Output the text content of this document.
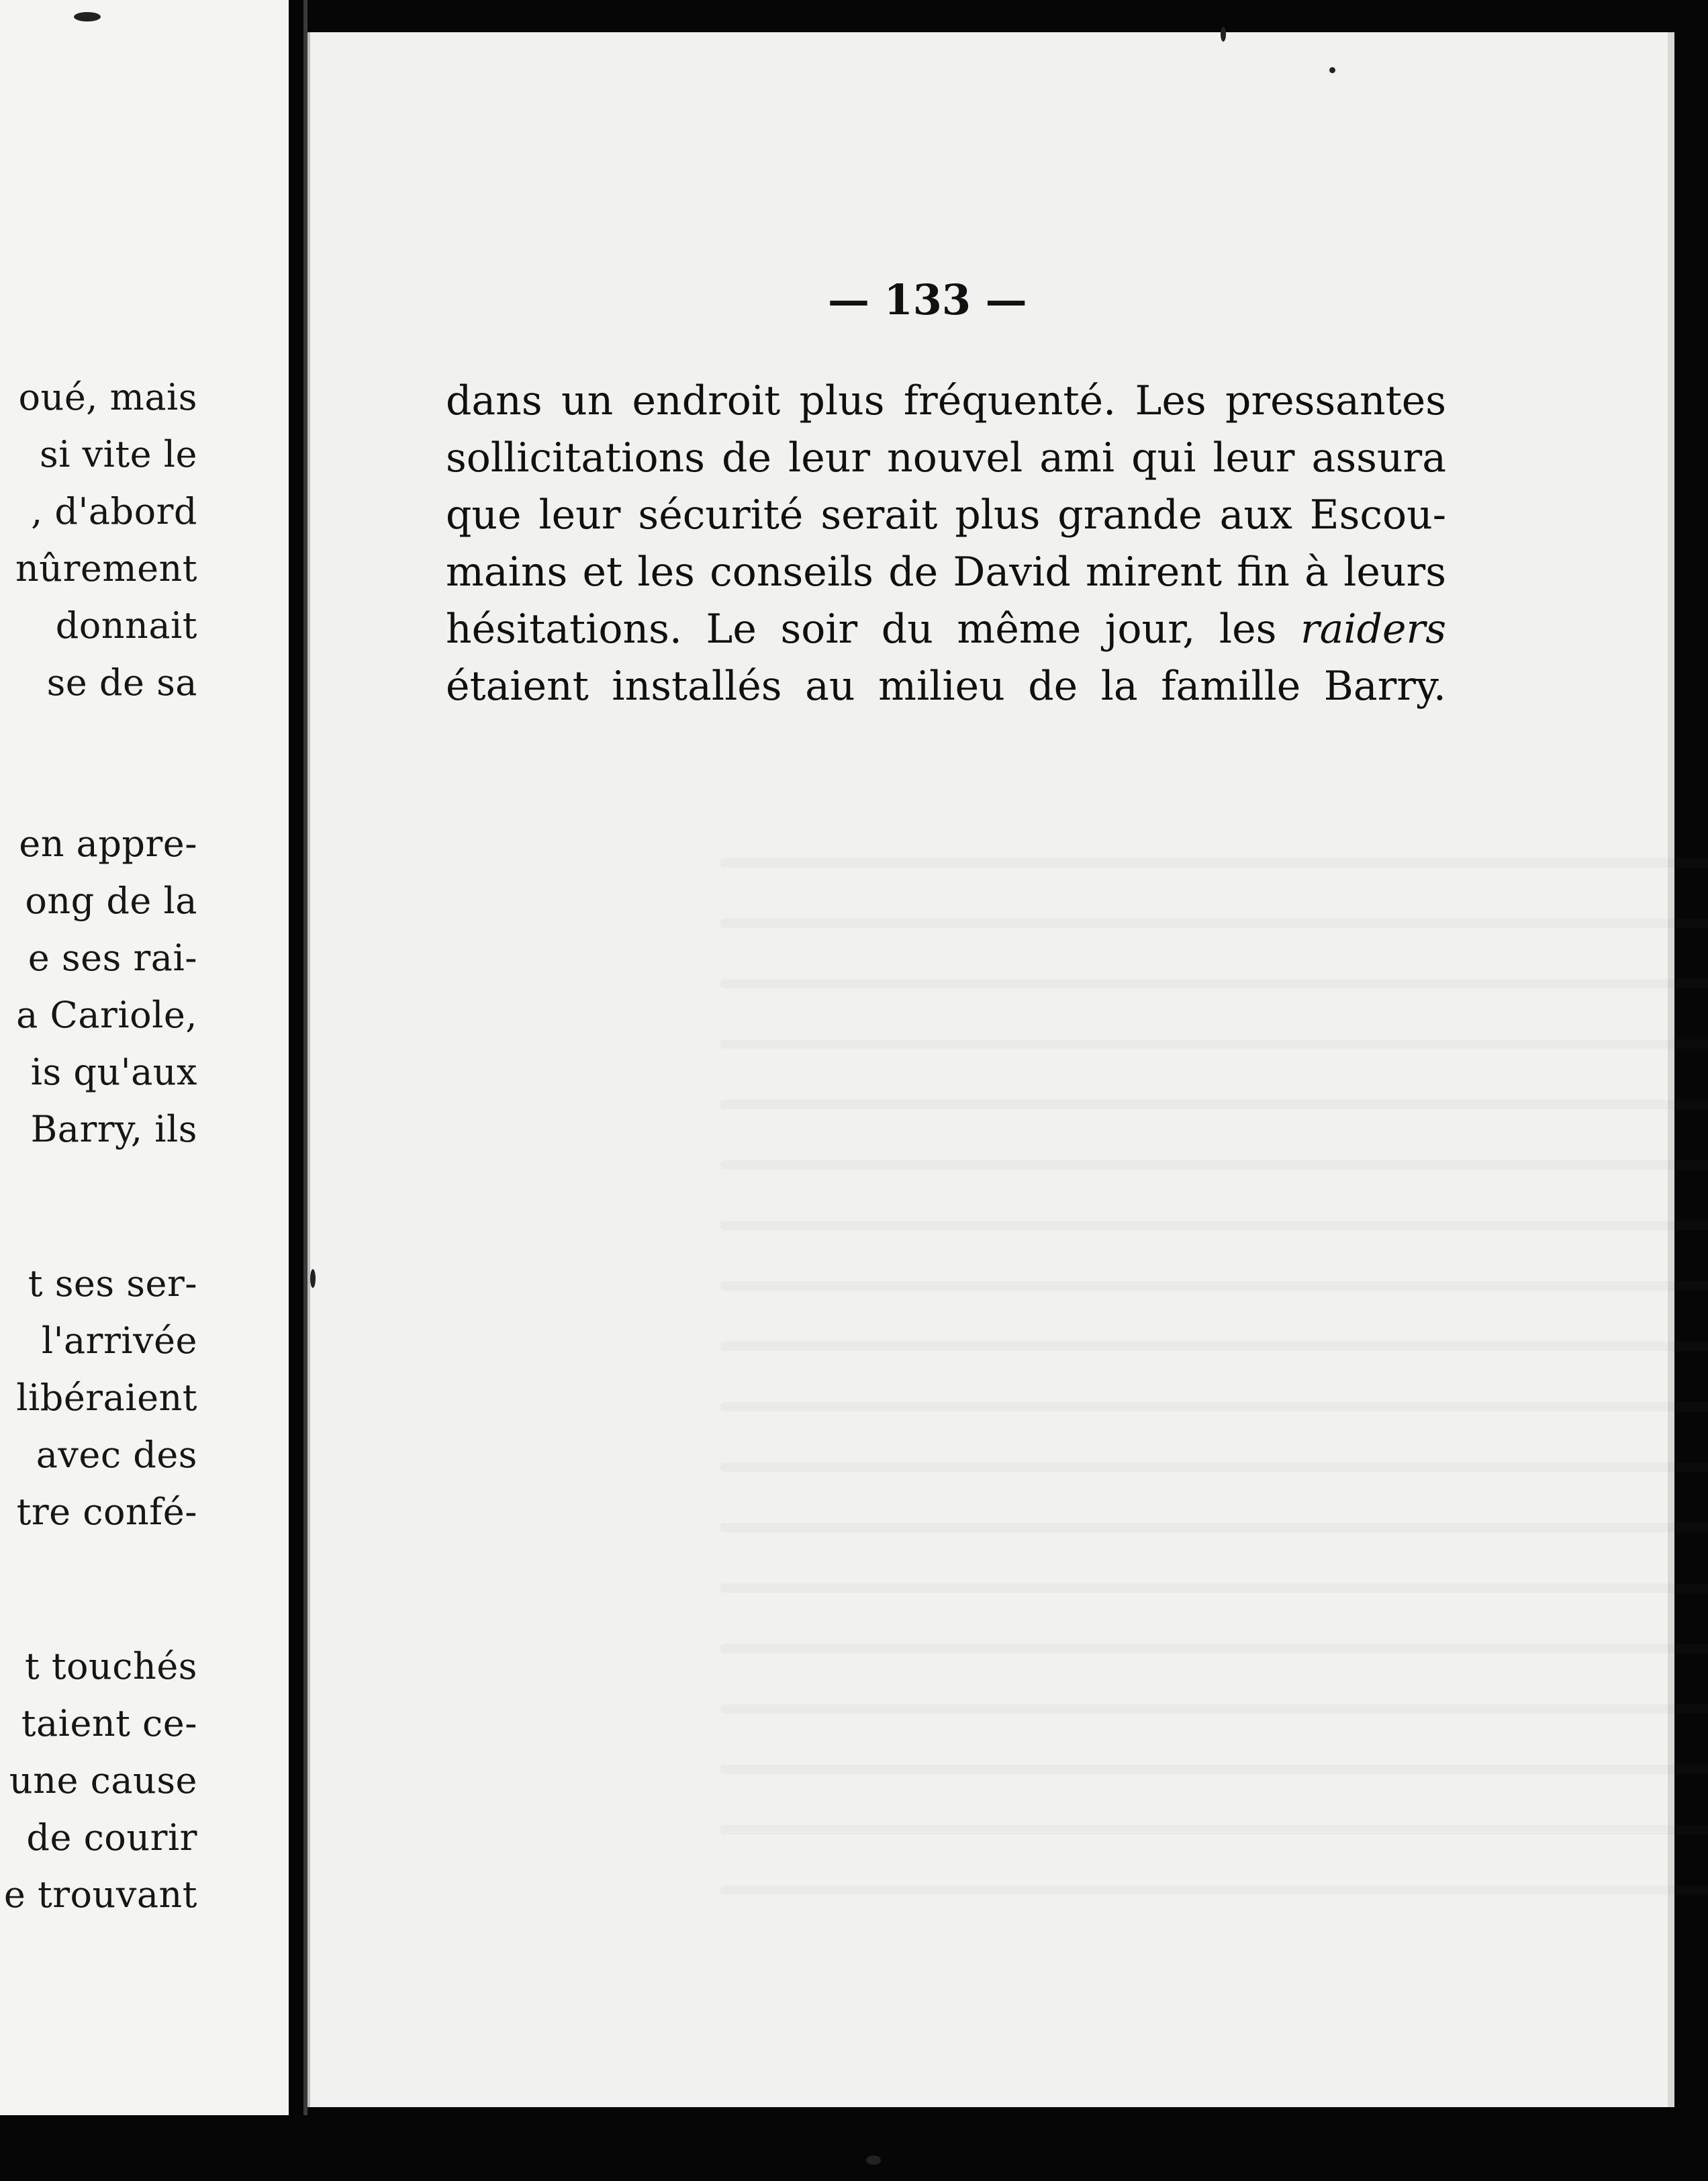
oué, mais
si vite le
, d'abord
nûrement
donnait
se de sa
en appre-
ong de la
e ses rai-
a Cariole,
is qu'aux
Barry, ils
t ses ser-
l'arrivée
libéraient
avec des
tre confé-
t touchés
taient ce-
une cause
de courir
e trouvant
— 133 —
dans un endroit plus fréquenté. Les pressantes
sollicitations de leur nouvel ami qui leur assura
que leur sécurité serait plus grande aux Escou-
mains et les conseils de David mirent fin à leurs
hésitations. Le soir du même jour, les raiders
étaient installés au milieu de la famille Barry.
